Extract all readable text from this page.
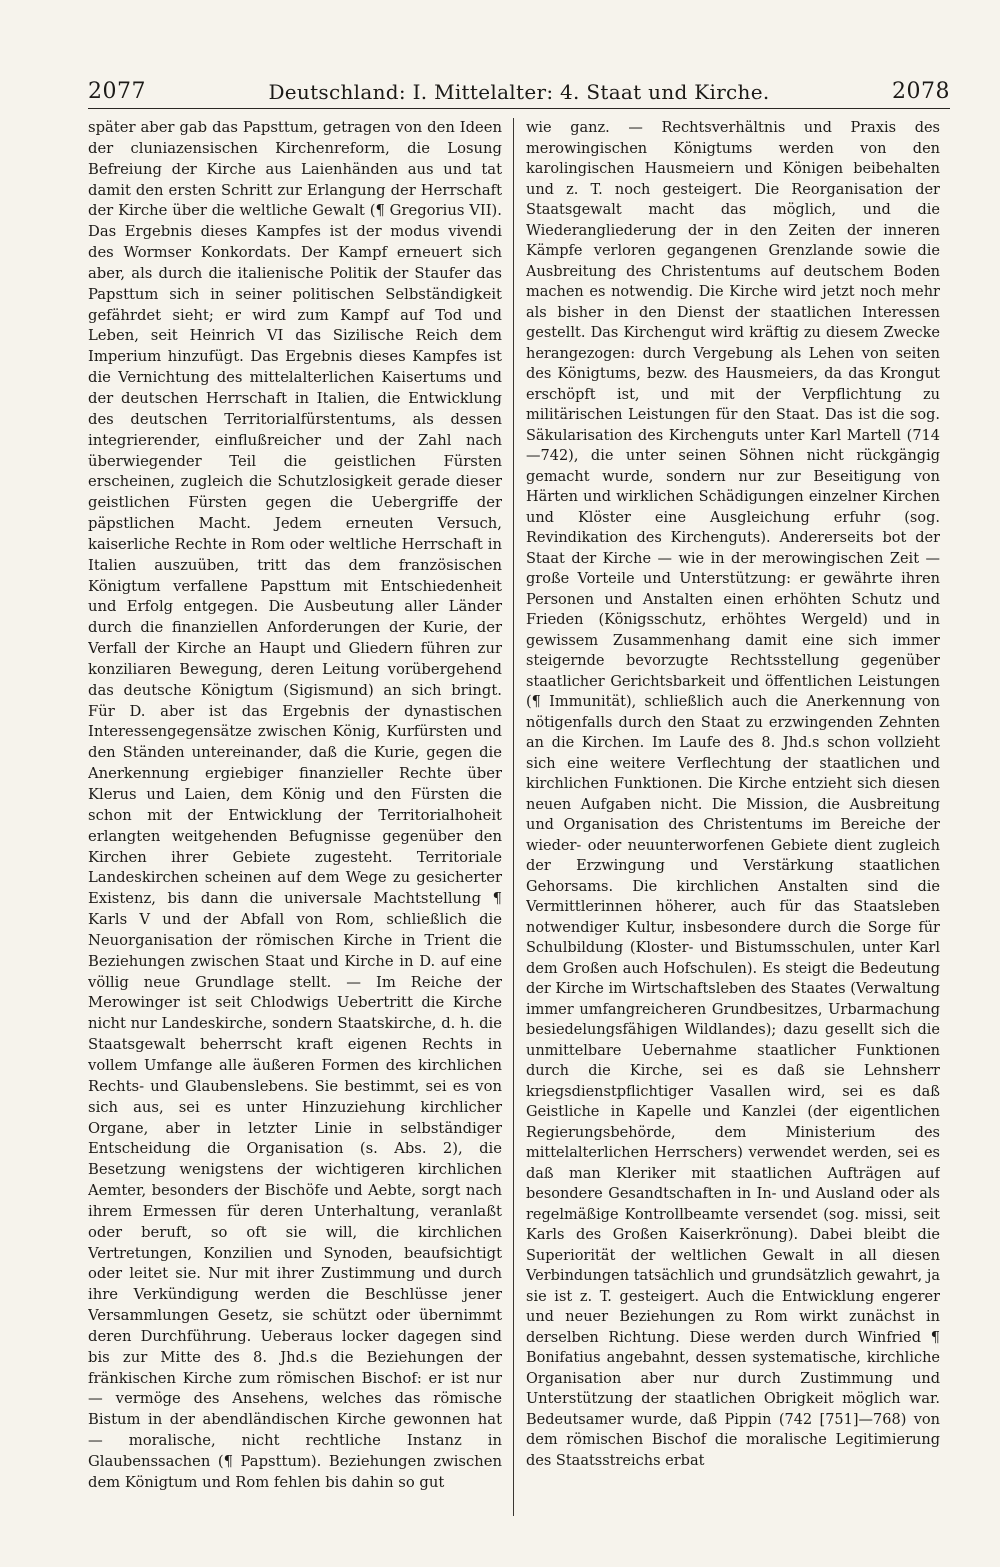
2077	Deutschland: I. Mittelalter: 4. Staat und Kirche.	2078

später aber gab das Papsttum, getragen von den Ideen der cluniazensischen Kirchenreform, die Losung Befreiung der Kirche aus Laienhänden aus und tat damit den ersten Schritt zur Erlangung der Herrschaft der Kirche über die weltliche Gewalt (¶ Gregorius VII). Das Ergebnis dieses Kampfes ist der modus vivendi des Wormser Konkordats. Der Kampf erneuert sich aber, als durch die italienische Politik der Staufer das Papsttum sich in seiner politischen Selbständigkeit gefährdet sieht; er wird zum Kampf auf Tod und Leben, seit Heinrich VI das Sizilische Reich dem Imperium hinzufügt. Das Ergebnis dieses Kampfes ist die Vernichtung des mittelalterlichen Kaisertums und der deutschen Herrschaft in Italien, die Entwicklung des deutschen Territorialfürstentums, als dessen integrierender, einflußreicher und der Zahl nach überwiegender Teil die geistlichen Fürsten erscheinen, zugleich die Schutzlosigkeit gerade dieser geistlichen Fürsten gegen die Uebergriffe der päpstlichen Macht. Jedem erneuten Versuch, kaiserliche Rechte in Rom oder weltliche Herrschaft in Italien auszuüben, tritt das dem französischen Königtum verfallene Papsttum mit Entschiedenheit und Erfolg entgegen. Die Ausbeutung aller Länder durch die finanziellen Anforderungen der Kurie, der Verfall der Kirche an Haupt und Gliedern führen zur konziliaren Bewegung, deren Leitung vorübergehend das deutsche Königtum (Sigismund) an sich bringt. Für D. aber ist das Ergebnis der dynastischen Interessengegensätze zwischen König, Kurfürsten und den Ständen untereinander, daß die Kurie, gegen die Anerkennung ergiebiger finanzieller Rechte über Klerus und Laien, dem König und den Fürsten die schon mit der Entwicklung der Territorialhoheit erlangten weitgehenden Befugnisse gegenüber den Kirchen ihrer Gebiete zugesteht. Territoriale Landeskirchen scheinen auf dem Wege zu gesicherter Existenz, bis dann die universale Machtstellung ¶ Karls V und der Abfall von Rom, schließlich die Neuorganisation der römischen Kirche in Trient die Beziehungen zwischen Staat und Kirche in D. auf eine völlig neue Grundlage stellt. — Im Reiche der Merowinger ist seit Chlodwigs Uebertritt die Kirche nicht nur Landeskirche, sondern Staatskirche, d. h. die Staatsgewalt beherrscht kraft eigenen Rechts in vollem Umfange alle äußeren Formen des kirchlichen Rechts- und Glaubenslebens. Sie bestimmt, sei es von sich aus, sei es unter Hinzuziehung kirchlicher Organe, aber in letzter Linie in selbständiger Entscheidung die Organisation (s. Abs. 2), die Besetzung wenigstens der wichtigeren kirchlichen Aemter, besonders der Bischöfe und Aebte, sorgt nach ihrem Ermessen für deren Unterhaltung, veranlaßt oder beruft, so oft sie will, die kirchlichen Vertretungen, Konzilien und Synoden, beaufsichtigt oder leitet sie. Nur mit ihrer Zustimmung und durch ihre Verkündigung werden die Beschlüsse jener Versammlungen Gesetz, sie schützt oder übernimmt deren Durchführung. Ueberaus locker dagegen sind bis zur Mitte des 8. Jhd.s die Beziehungen der fränkischen Kirche zum römischen Bischof: er ist nur — vermöge des Ansehens, welches das römische Bistum in der abendländischen Kirche gewonnen hat — moralische, nicht rechtliche Instanz in Glaubenssachen (¶ Papsttum). Beziehungen zwischen dem Königtum und Rom fehlen bis dahin so gut

wie ganz. — Rechtsverhältnis und Praxis des merowingischen Königtums werden von den karolingischen Hausmeiern und Königen beibehalten und z. T. noch gesteigert. Die Reorganisation der Staatsgewalt macht das möglich, und die Wiederangliederung der in den Zeiten der inneren Kämpfe verloren gegangenen Grenzlande sowie die Ausbreitung des Christentums auf deutschem Boden machen es notwendig. Die Kirche wird jetzt noch mehr als bisher in den Dienst der staatlichen Interessen gestellt. Das Kirchengut wird kräftig zu diesem Zwecke herangezogen: durch Vergebung als Lehen von seiten des Königtums, bezw. des Hausmeiers, da das Krongut erschöpft ist, und mit der Verpflichtung zu militärischen Leistungen für den Staat. Das ist die sog. Säkularisation des Kirchenguts unter Karl Martell (714—742), die unter seinen Söhnen nicht rückgängig gemacht wurde, sondern nur zur Beseitigung von Härten und wirklichen Schädigungen einzelner Kirchen und Klöster eine Ausgleichung erfuhr (sog. Revindikation des Kirchenguts). Andererseits bot der Staat der Kirche — wie in der merowingischen Zeit — große Vorteile und Unterstützung: er gewährte ihren Personen und Anstalten einen erhöhten Schutz und Frieden (Königsschutz, erhöhtes Wergeld) und in gewissem Zusammenhang damit eine sich immer steigernde bevorzugte Rechtsstellung gegenüber staatlicher Gerichtsbarkeit und öffentlichen Leistungen (¶ Immunität), schließlich auch die Anerkennung von nötigenfalls durch den Staat zu erzwingenden Zehnten an die Kirchen. Im Laufe des 8. Jhd.s schon vollzieht sich eine weitere Verflechtung der staatlichen und kirchlichen Funktionen. Die Kirche entzieht sich diesen neuen Aufgaben nicht. Die Mission, die Ausbreitung und Organisation des Christentums im Bereiche der wieder- oder neuunterworfenen Gebiete dient zugleich der Erzwingung und Verstärkung staatlichen Gehorsams. Die kirchlichen Anstalten sind die Vermittlerinnen höherer, auch für das Staatsleben notwendiger Kultur, insbesondere durch die Sorge für Schulbildung (Kloster- und Bistumsschulen, unter Karl dem Großen auch Hofschulen). Es steigt die Bedeutung der Kirche im Wirtschaftsleben des Staates (Verwaltung immer umfangreicheren Grundbesitzes, Urbarmachung besiedelungsfähigen Wildlandes); dazu gesellt sich die unmittelbare Uebernahme staatlicher Funktionen durch die Kirche, sei es daß sie Lehnsherr kriegsdienstpflichtiger Vasallen wird, sei es daß Geistliche in Kapelle und Kanzlei (der eigentlichen Regierungsbehörde, dem Ministerium des mittelalterlichen Herrschers) verwendet werden, sei es daß man Kleriker mit staatlichen Aufträgen auf besondere Gesandtschaften in In- und Ausland oder als regelmäßige Kontrollbeamte versendet (sog. missi, seit Karls des Großen Kaiserkrönung). Dabei bleibt die Superiorität der weltlichen Gewalt in all diesen Verbindungen tatsächlich und grundsätzlich gewahrt, ja sie ist z. T. gesteigert. Auch die Entwicklung engerer und neuer Beziehungen zu Rom wirkt zunächst in derselben Richtung. Diese werden durch Winfried ¶ Bonifatius angebahnt, dessen systematische, kirchliche Organisation aber nur durch Zustimmung und Unterstützung der staatlichen Obrigkeit möglich war. Bedeutsamer wurde, daß Pippin (742 [751]—768) von dem römischen Bischof die moralische Legitimierung des Staatsstreichs erbat
